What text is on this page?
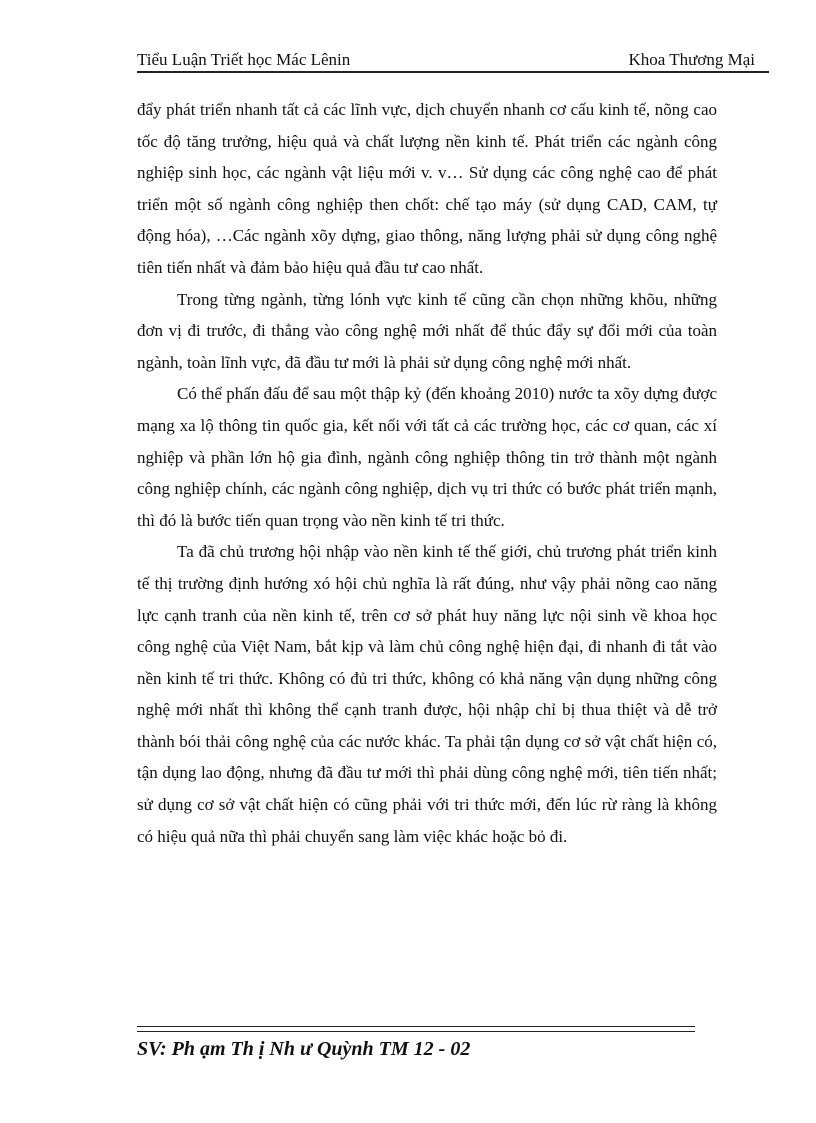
Tiểu Luận Triết học Mác Lênin	Khoa Thương Mại

đẩy phát triển nhanh tất cả các lĩnh vực, dịch chuyển nhanh cơ cấu kinh tế, nõng cao tốc độ tăng trưởng, hiệu quả và chất lượng nền kinh tế. Phát triển các ngành công nghiệp sinh học, các ngành vật liệu mới v. v… Sử dụng các công nghệ cao để phát triển một số ngành công nghiệp then chốt: chế tạo máy (sử dụng CAD, CAM, tự động hóa), …Các ngành xõy dựng, giao thông, năng lượng phải sử dụng công nghệ tiên tiến nhất và đảm bảo hiệu quả đầu tư cao nhất.

Trong từng ngành, từng lónh vực kinh tế cũng cần chọn những khõu, những đơn vị đi trước, đi thẳng vào công nghệ mới nhất để thúc đẩy sự đổi mới của toàn ngành, toàn lĩnh vực, đã đầu tư mới là phải sử dụng công nghệ mới nhất.

Có thể phấn đấu để sau một thập kỷ (đến khoảng 2010) nước ta xõy dựng được mạng xa lộ thông tin quốc gia, kết nối với tất cả các trường học, các cơ quan, các xí nghiệp và phần lớn hộ gia đình, ngành công nghiệp thông tin trở thành một ngành công nghiệp chính, các ngành công nghiệp, dịch vụ tri thức có bước phát triển mạnh, thì đó là bước tiến quan trọng vào nền kinh tế tri thức.

Ta đã chủ trương hội nhập vào nền kinh tế thế giới, chủ trương phát triển kinh tế thị trường định hướng xó hội chủ nghĩa là rất đúng, như vậy phải nõng cao năng lực cạnh tranh của nền kinh tế, trên cơ sở phát huy năng lực nội sinh về khoa học công nghệ của Việt Nam, bắt kịp và làm chủ công nghệ hiện đại, đi nhanh đi tắt vào nền kinh tế tri thức. Không có đủ tri thức, không có khả năng vận dụng những công nghệ mới nhất thì không thể cạnh tranh được, hội nhập chỉ bị thua thiệt và dễ trở thành bói thải công nghệ của các nước khác. Ta phải tận dụng cơ sở vật chất hiện có, tận dụng lao động, nhưng đã đầu tư mới thì phải dùng công nghệ mới, tiên tiến nhất; sử dụng cơ sở vật chất hiện có cũng phải với tri thức mới, đến lúc rừ ràng là không có hiệu quả nữa thì phải chuyển sang làm việc khác hoặc bỏ đi.

SV: Ph ạm Th ị Nh ư Quỳnh TM 12 - 02
